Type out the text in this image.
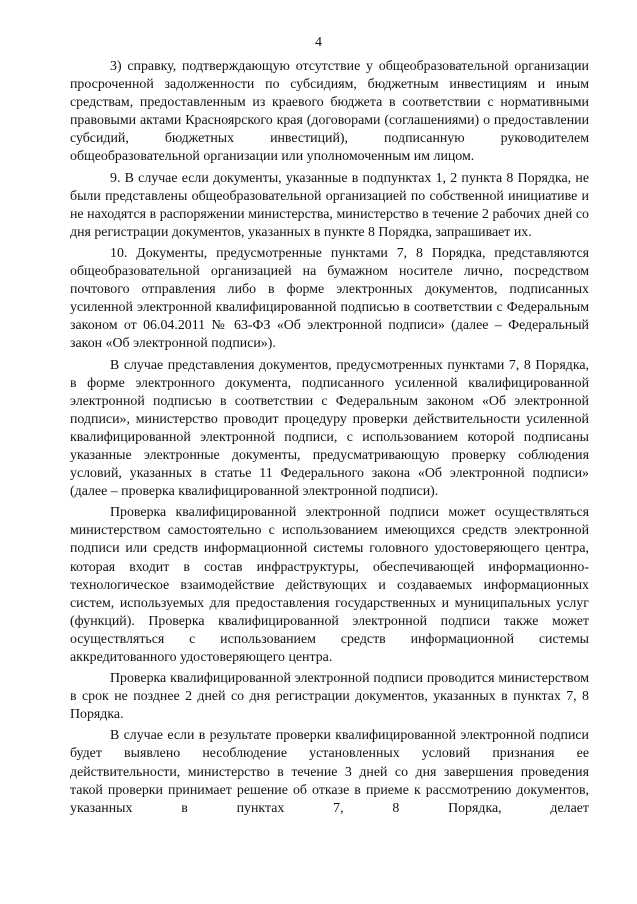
4

3) справку, подтверждающую отсутствие у общеобразовательной организации просроченной задолженности по субсидиям, бюджетным инвестициям и иным средствам, предоставленным из краевого бюджета в соответствии с нормативными правовыми актами Красноярского края (договорами (соглашениями) о предоставлении субсидий, бюджетных инвестиций), подписанную руководителем общеобразовательной организации или уполномоченным им лицом.

9. В случае если документы, указанные в подпунктах 1, 2 пункта 8 Порядка, не были представлены общеобразовательной организацией по собственной инициативе и не находятся в распоряжении министерства, министерство в течение 2 рабочих дней со дня регистрации документов, указанных в пункте 8 Порядка, запрашивает их.

10. Документы, предусмотренные пунктами 7, 8 Порядка, представляются общеобразовательной организацией на бумажном носителе лично, посредством почтового отправления либо в форме электронных документов, подписанных усиленной электронной квалифицированной подписью в соответствии с Федеральным законом от 06.04.2011 № 63-ФЗ «Об электронной подписи» (далее – Федеральный закон «Об электронной подписи»).

В случае представления документов, предусмотренных пунктами 7, 8 Порядка, в форме электронного документа, подписанного усиленной квалифицированной электронной подписью в соответствии с Федеральным законом «Об электронной подписи», министерство проводит процедуру проверки действительности усиленной квалифицированной электронной подписи, с использованием которой подписаны указанные электронные документы, предусматривающую проверку соблюдения условий, указанных в статье 11 Федерального закона «Об электронной подписи» (далее – проверка квалифицированной электронной подписи).

Проверка квалифицированной электронной подписи может осуществляться министерством самостоятельно с использованием имеющихся средств электронной подписи или средств информационной системы головного удостоверяющего центра, которая входит в состав инфраструктуры, обеспечивающей информационно-технологическое взаимодействие действующих и создаваемых информационных систем, используемых для предоставления государственных и муниципальных услуг (функций). Проверка квалифицированной электронной подписи также может осуществляться с использованием средств информационной системы аккредитованного удостоверяющего центра.

Проверка квалифицированной электронной подписи проводится министерством в срок не позднее 2 дней со дня регистрации документов, указанных в пунктах 7, 8 Порядка.

В случае если в результате проверки квалифицированной электронной подписи будет выявлено несоблюдение установленных условий признания ее действительности, министерство в течение 3 дней со дня завершения проведения такой проверки принимает решение об отказе в приеме к рассмотрению документов, указанных в пунктах 7, 8 Порядка, делает
